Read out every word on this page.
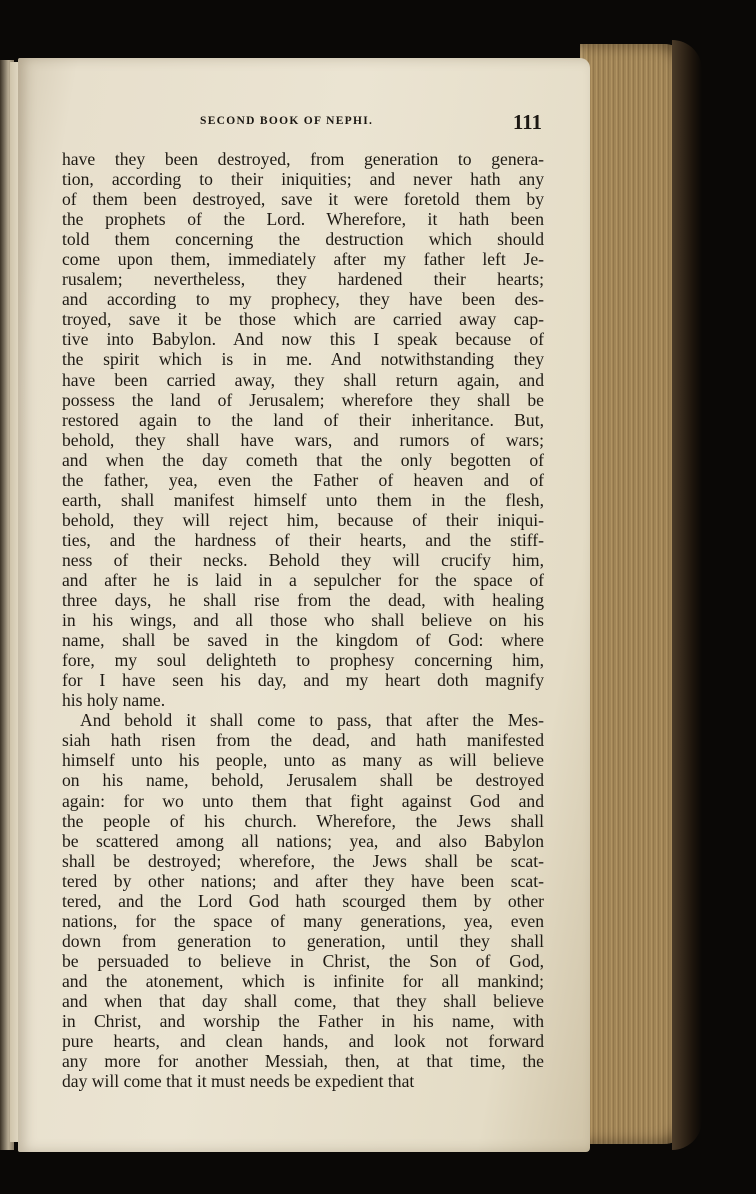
SECOND BOOK OF NEPHI.	111
have they been destroyed, from generation to genera-
tion, according to their iniquities; and never hath any
of them been destroyed, save it were foretold them by
the prophets of the Lord. Wherefore, it hath been
told them concerning the destruction which should
come upon them, immediately after my father left Je-
rusalem; nevertheless, they hardened their hearts;
and according to my prophecy, they have been des-
troyed, save it be those which are carried away cap-
tive into Babylon. And now this I speak because of
the spirit which is in me. And notwithstanding they
have been carried away, they shall return again, and
possess the land of Jerusalem; wherefore they shall be
restored again to the land of their inheritance. But,
behold, they shall have wars, and rumors of wars;
and when the day cometh that the only begotten of
the father, yea, even the Father of heaven and of
earth, shall manifest himself unto them in the flesh,
behold, they will reject him, because of their iniqui-
ties, and the hardness of their hearts, and the stiff-
ness of their necks. Behold they will crucify him,
and after he is laid in a sepulcher for the space of
three days, he shall rise from the dead, with healing
in his wings, and all those who shall believe on his
name, shall be saved in the kingdom of God: where
fore, my soul delighteth to prophesy concerning him,
for I have seen his day, and my heart doth magnify
his holy name.
And behold it shall come to pass, that after the Mes-
siah hath risen from the dead, and hath manifested
himself unto his people, unto as many as will believe
on his name, behold, Jerusalem shall be destroyed
again: for wo unto them that fight against God and
the people of his church. Wherefore, the Jews shall
be scattered among all nations; yea, and also Babylon
shall be destroyed; wherefore, the Jews shall be scat-
tered by other nations; and after they have been scat-
tered, and the Lord God hath scourged them by other
nations, for the space of many generations, yea, even
down from generation to generation, until they shall
be persuaded to believe in Christ, the Son of God,
and the atonement, which is infinite for all mankind;
and when that day shall come, that they shall believe
in Christ, and worship the Father in his name, with
pure hearts, and clean hands, and look not forward
any more for another Messiah, then, at that time, the
day will come that it must needs be expedient that
